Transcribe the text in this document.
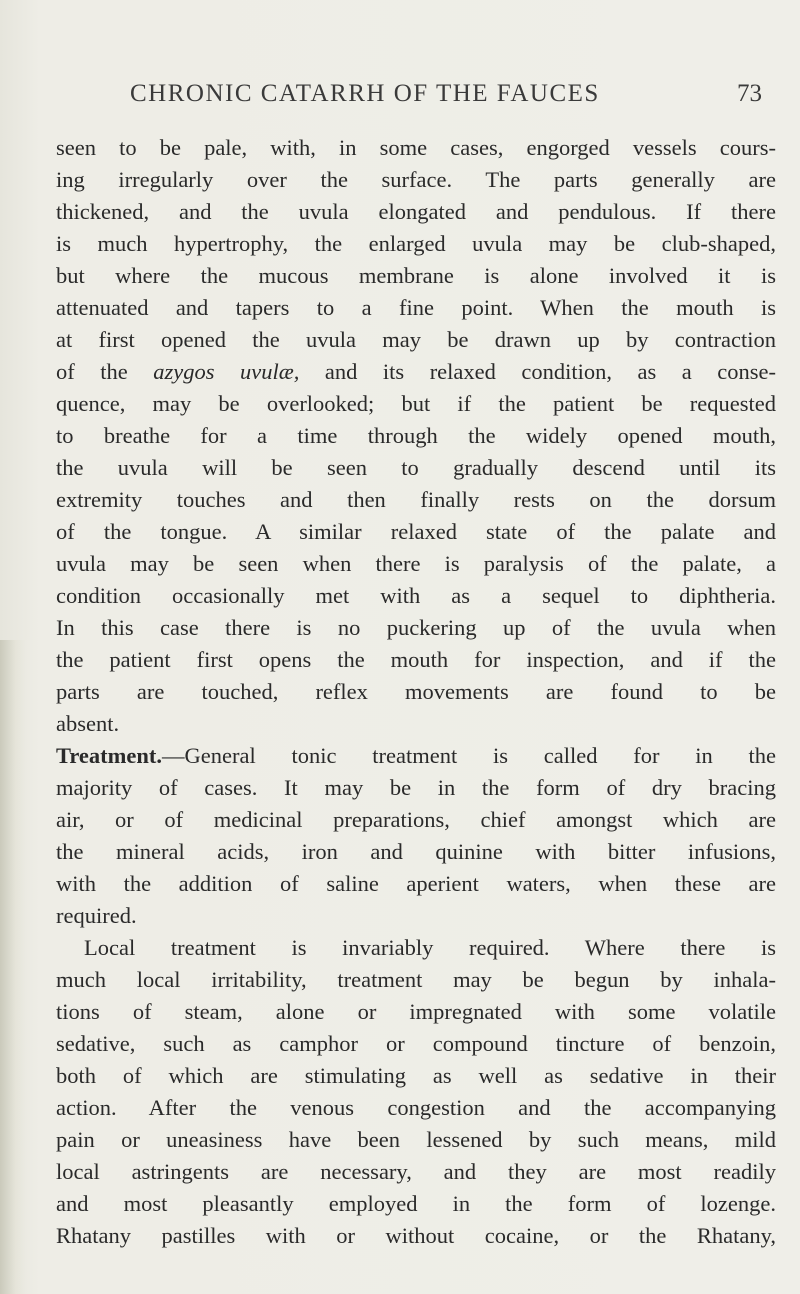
CHRONIC CATARRH OF THE FAUCES	73
seen to be pale, with, in some cases, engorged vessels cours-
ing irregularly over the surface. The parts generally are
thickened, and the uvula elongated and pendulous. If there
is much hypertrophy, the enlarged uvula may be club-shaped,
but where the mucous membrane is alone involved it is
attenuated and tapers to a fine point. When the mouth is
at first opened the uvula may be drawn up by contraction
of the azygos uvulæ, and its relaxed condition, as a conse-
quence, may be overlooked; but if the patient be requested
to breathe for a time through the widely opened mouth,
the uvula will be seen to gradually descend until its
extremity touches and then finally rests on the dorsum
of the tongue. A similar relaxed state of the palate and
uvula may be seen when there is paralysis of the palate, a
condition occasionally met with as a sequel to diphtheria.
In this case there is no puckering up of the uvula when
the patient first opens the mouth for inspection, and if the
parts are touched, reflex movements are found to be
absent.
Treatment.—General tonic treatment is called for in the
majority of cases. It may be in the form of dry bracing
air, or of medicinal preparations, chief amongst which are
the mineral acids, iron and quinine with bitter infusions,
with the addition of saline aperient waters, when these are
required.
Local treatment is invariably required. Where there is
much local irritability, treatment may be begun by inhala-
tions of steam, alone or impregnated with some volatile
sedative, such as camphor or compound tincture of benzoin,
both of which are stimulating as well as sedative in their
action. After the venous congestion and the accompanying
pain or uneasiness have been lessened by such means, mild
local astringents are necessary, and they are most readily
and most pleasantly employed in the form of lozenge.
Rhatany pastilles with or without cocaine, or the Rhatany,
